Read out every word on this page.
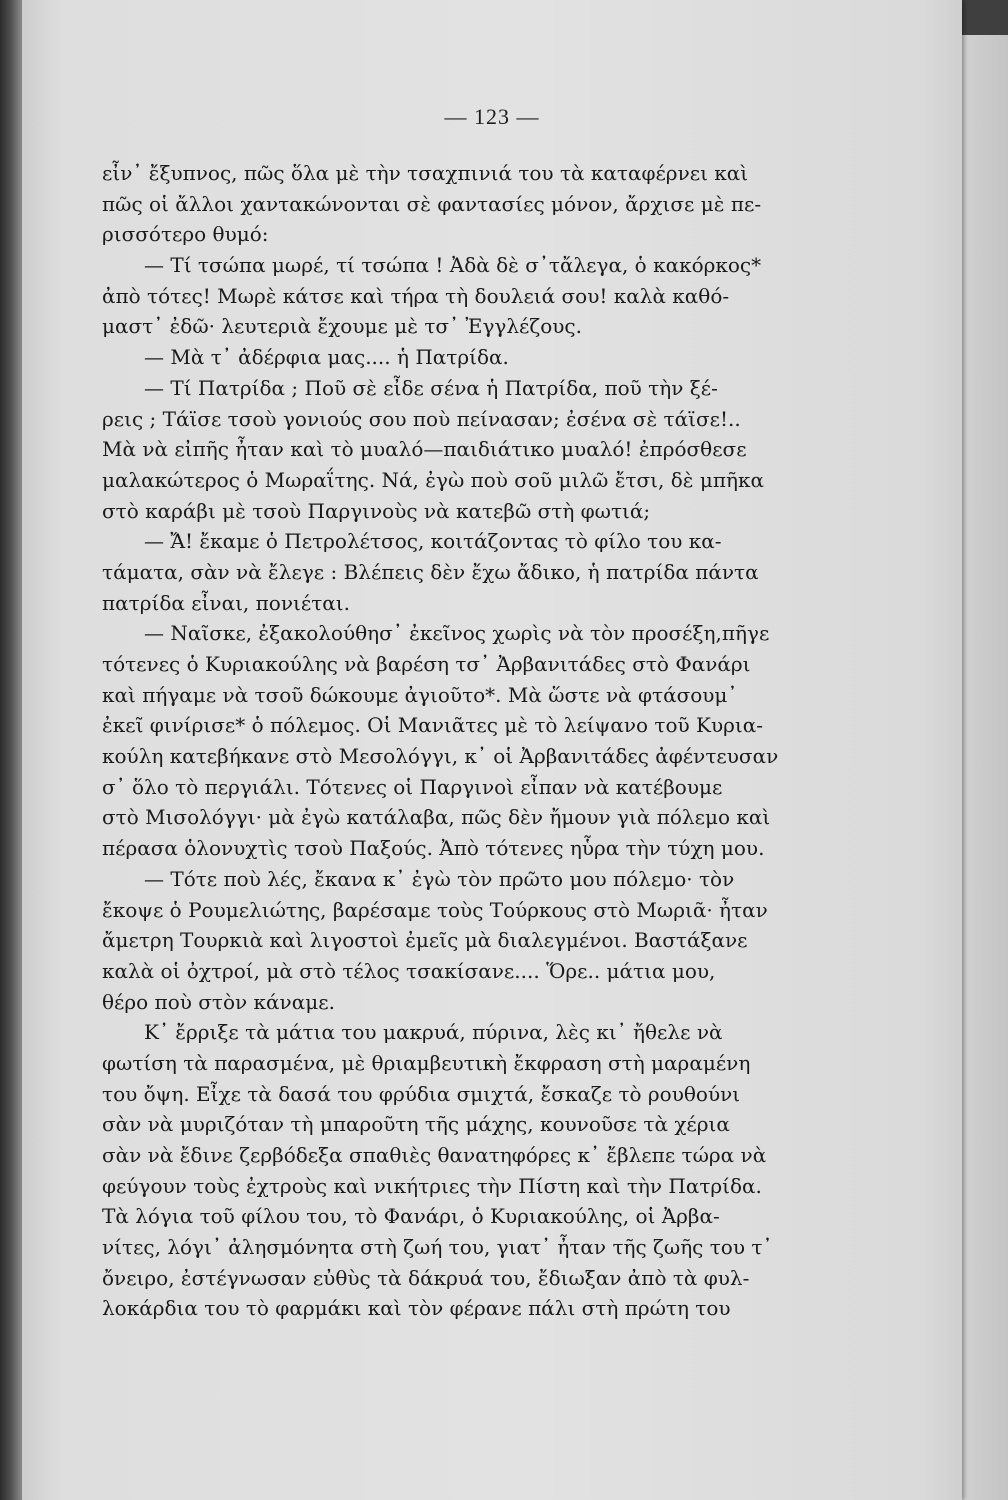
— 123 —
εἶν᾽ ἔξυπνος, πῶς ὅλα μὲ τὴν τσαχπινιά του τὰ καταφέρνει καὶ
πῶς οἱ ἄλλοι χαντακώνονται σὲ φαντασίες μόνον, ἄρχισε μὲ πε-
ρισσότερο θυμό:
— Τί τσώπα μωρέ, τί τσώπα ! Ἀδὰ δὲ σ᾽τἄλεγα, ὁ κακόρκος*
ἀπὸ τότες! Μωρὲ κάτσε καὶ τήρα τὴ δουλειά σου! καλὰ καθό-
μαστ᾽ ἐδῶ· λευτεριὰ ἔχουμε μὲ τσ᾽ Ἐγγλέζους.
— Μὰ τ᾽ ἀδέρφια μας.... ἡ Πατρίδα.
— Τί Πατρίδα ; Ποῦ σὲ εἶδε σένα ἡ Πατρίδα, ποῦ τὴν ξέ-
ρεις ; Τάϊσε τσοὺ γονιούς σου ποὺ πείνασαν; ἐσένα σὲ τάϊσε!..
Μὰ νὰ εἰπῆς ἦταν καὶ τὸ μυαλό—παιδιάτικο μυαλό! ἐπρόσθεσε
μαλακώτερος ὁ Μωραΐτης. Νά, ἐγὼ ποὺ σοῦ μιλῶ ἔτσι, δὲ μπῆκα
στὸ καράβι μὲ τσοὺ Παργινοὺς νὰ κατεβῶ στὴ φωτιά;
— Ἄ! ἔκαμε ὁ Πετρολέτσος, κοιτάζοντας τὸ φίλο του κα-
τάματα, σὰν νὰ ἔλεγε : Βλέπεις δὲν ἔχω ἄδικο, ἡ πατρίδα πάντα
πατρίδα εἶναι, πονιέται.
— Ναῖσκε, ἐξακολούθησ᾽ ἐκεῖνος χωρὶς νὰ τὸν προσέξη,πῆγε
τότενες ὁ Κυριακούλης νὰ βαρέση τσ᾽ Ἀρβανιτάδες στὸ Φανάρι
καὶ πήγαμε νὰ τσοῦ δώκουμε ἀγιοῦτο*. Μὰ ὥστε νὰ φτάσουμ᾽
ἐκεῖ φινίρισε* ὁ πόλεμος. Οἱ Μανιᾶτες μὲ τὸ λείψανο τοῦ Κυρια-
κούλη κατεβήκανε στὸ Μεσολόγγι, κ᾽ οἱ Ἀρβανιτάδες ἀφέντευσαν
σ᾽ ὅλο τὸ περγιάλι. Τότενες οἱ Παργινοὶ εἶπαν νὰ κατέβουμε
στὸ Μισολόγγι· μὰ ἐγὼ κατάλαβα, πῶς δὲν ἤμουν γιὰ πόλεμο καὶ
πέρασα ὁλονυχτὶς τσοὺ Παξούς. Ἀπὸ τότενες ηὗρα τὴν τύχη μου.
— Τότε ποὺ λές, ἔκανα κ᾽ ἐγὼ τὸν πρῶτο μου πόλεμο· τὸν
ἔκοψε ὁ Ρουμελιώτης, βαρέσαμε τοὺς Τούρκους στὸ Μωριᾶ· ἦταν
ἄμετρη Τουρκιὰ καὶ λιγοστοὶ ἐμεῖς μὰ διαλεγμένοι. Βαστάξανε
καλὰ οἱ ὀχτροί, μὰ στὸ τέλος τσακίσανε.... Ὅρε.. μάτια μου,
θέρο ποὺ στὸν κάναμε.
Κ᾽ ἔρριξε τὰ μάτια του μακρυά, πύρινα, λὲς κι᾽ ἤθελε νὰ
φωτίση τὰ παρασμένα, μὲ θριαμβευτικὴ ἔκφραση στὴ μαραμένη
του ὄψη. Εἶχε τὰ δασά του φρύδια σμιχτά, ἔσκαζε τὸ ρουθούνι
σὰν νὰ μυριζόταν τὴ μπαροῦτη τῆς μάχης, κουνοῦσε τὰ χέρια
σὰν νὰ ἔδινε ζερβόδεξα σπαθιὲς θανατηφόρες κ᾽ ἔβλεπε τώρα νὰ
φεύγουν τοὺς ἐχτροὺς καὶ νικήτριες τὴν Πίστη καὶ τὴν Πατρίδα.
Τὰ λόγια τοῦ φίλου του, τὸ Φανάρι, ὁ Κυριακούλης, οἱ Ἀρβα-
νίτες, λόγι᾽ ἀλησμόνητα στὴ ζωή του, γιατ᾽ ἦταν τῆς ζωῆς του τ᾽
ὄνειρο, ἐστέγνωσαν εὐθὺς τὰ δάκρυά του, ἔδιωξαν ἀπὸ τὰ φυλ-
λοκάρδια του τὸ φαρμάκι καὶ τὸν φέρανε πάλι στὴ πρώτη του
